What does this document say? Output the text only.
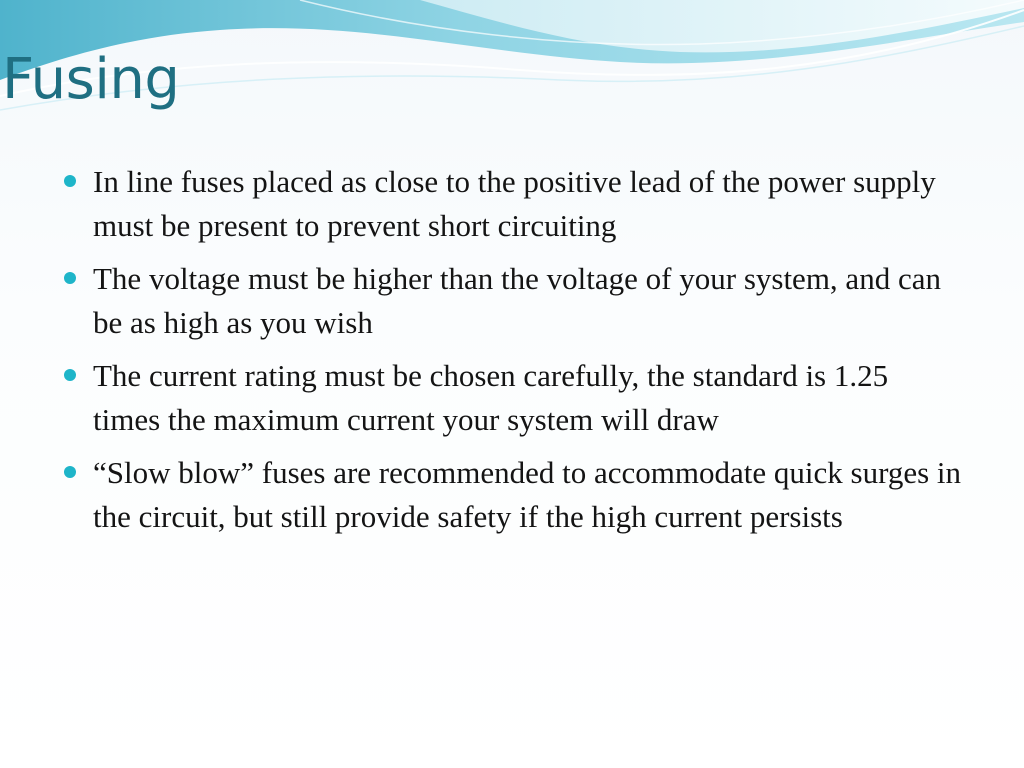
Fusing
In line fuses placed as close to the positive lead of the power supply must be present to prevent short circuiting
The voltage must be higher than the voltage of your system, and can be as high as you wish
The current rating must be chosen carefully, the standard is 1.25 times the maximum current your system will draw
“Slow blow” fuses are recommended to accommodate quick surges in the circuit, but still provide safety if the high current persists
